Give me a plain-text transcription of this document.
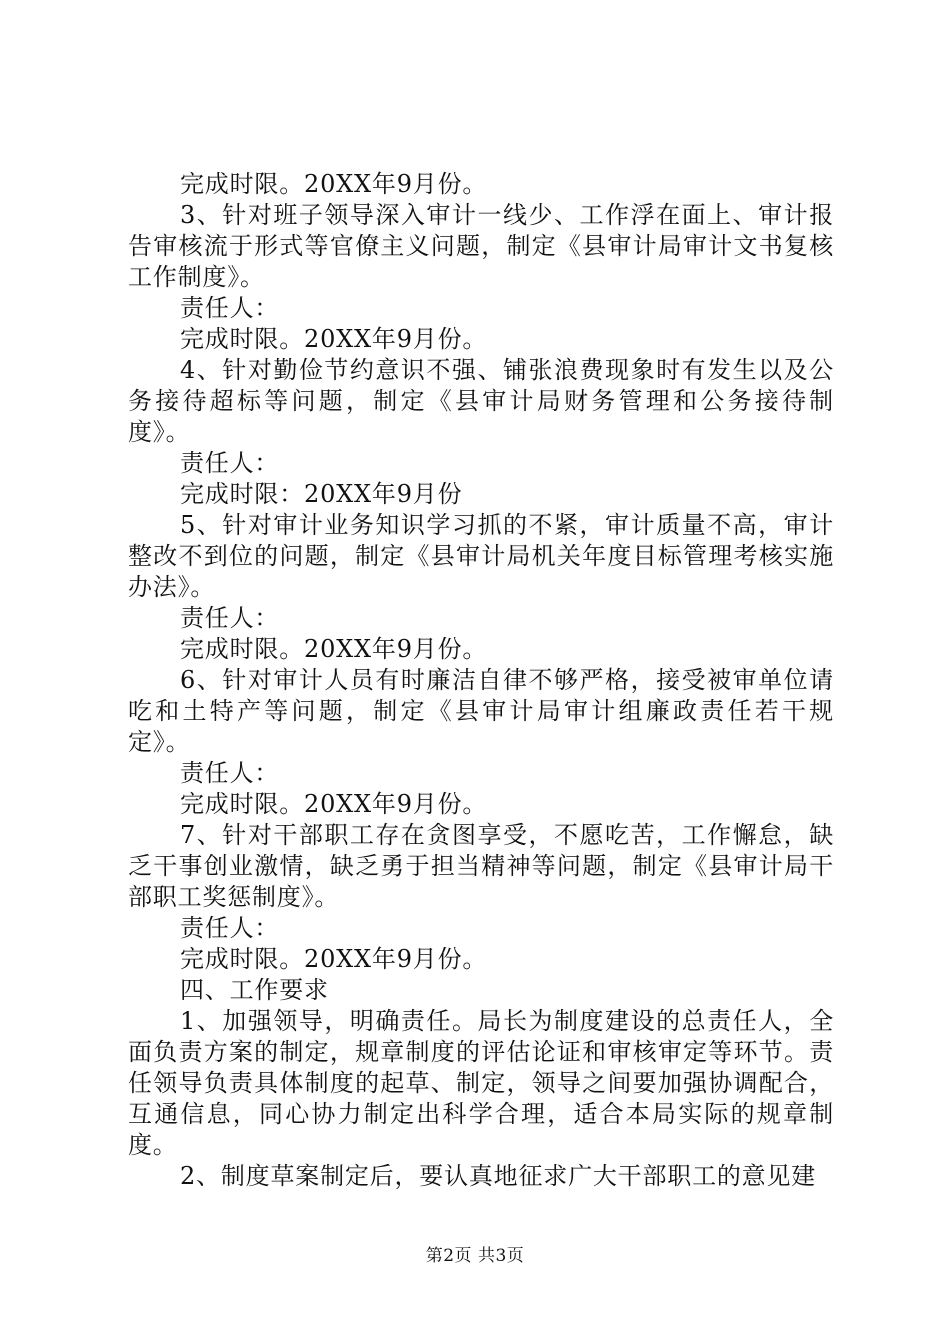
完成时限。20XX年9月份。

3、针对班子领导深入审计一线少、工作浮在面上、审计报告审核流于形式等官僚主义问题，制定《县审计局审计文书复核工作制度》。

责任人：

完成时限。20XX年9月份。

4、针对勤俭节约意识不强、铺张浪费现象时有发生以及公务接待超标等问题，制定《县审计局财务管理和公务接待制度》。

责任人：

完成时限：20XX年9月份

5、针对审计业务知识学习抓的不紧，审计质量不高，审计整改不到位的问题，制定《县审计局机关年度目标管理考核实施办法》。

责任人：

完成时限。20XX年9月份。

6、针对审计人员有时廉洁自律不够严格，接受被审单位请吃和土特产等问题，制定《县审计局审计组廉政责任若干规定》。

责任人：

完成时限。20XX年9月份。

7、针对干部职工存在贪图享受，不愿吃苦，工作懈怠，缺乏干事创业激情，缺乏勇于担当精神等问题，制定《县审计局干部职工奖惩制度》。

责任人：

完成时限。20XX年9月份。

四、工作要求

1、加强领导，明确责任。局长为制度建设的总责任人，全面负责方案的制定，规章制度的评估论证和审核审定等环节。责任领导负责具体制度的起草、制定，领导之间要加强协调配合，互通信息，同心协力制定出科学合理，适合本局实际的规章制度。

2、制度草案制定后，要认真地征求广大干部职工的意见建

第2页 共3页
